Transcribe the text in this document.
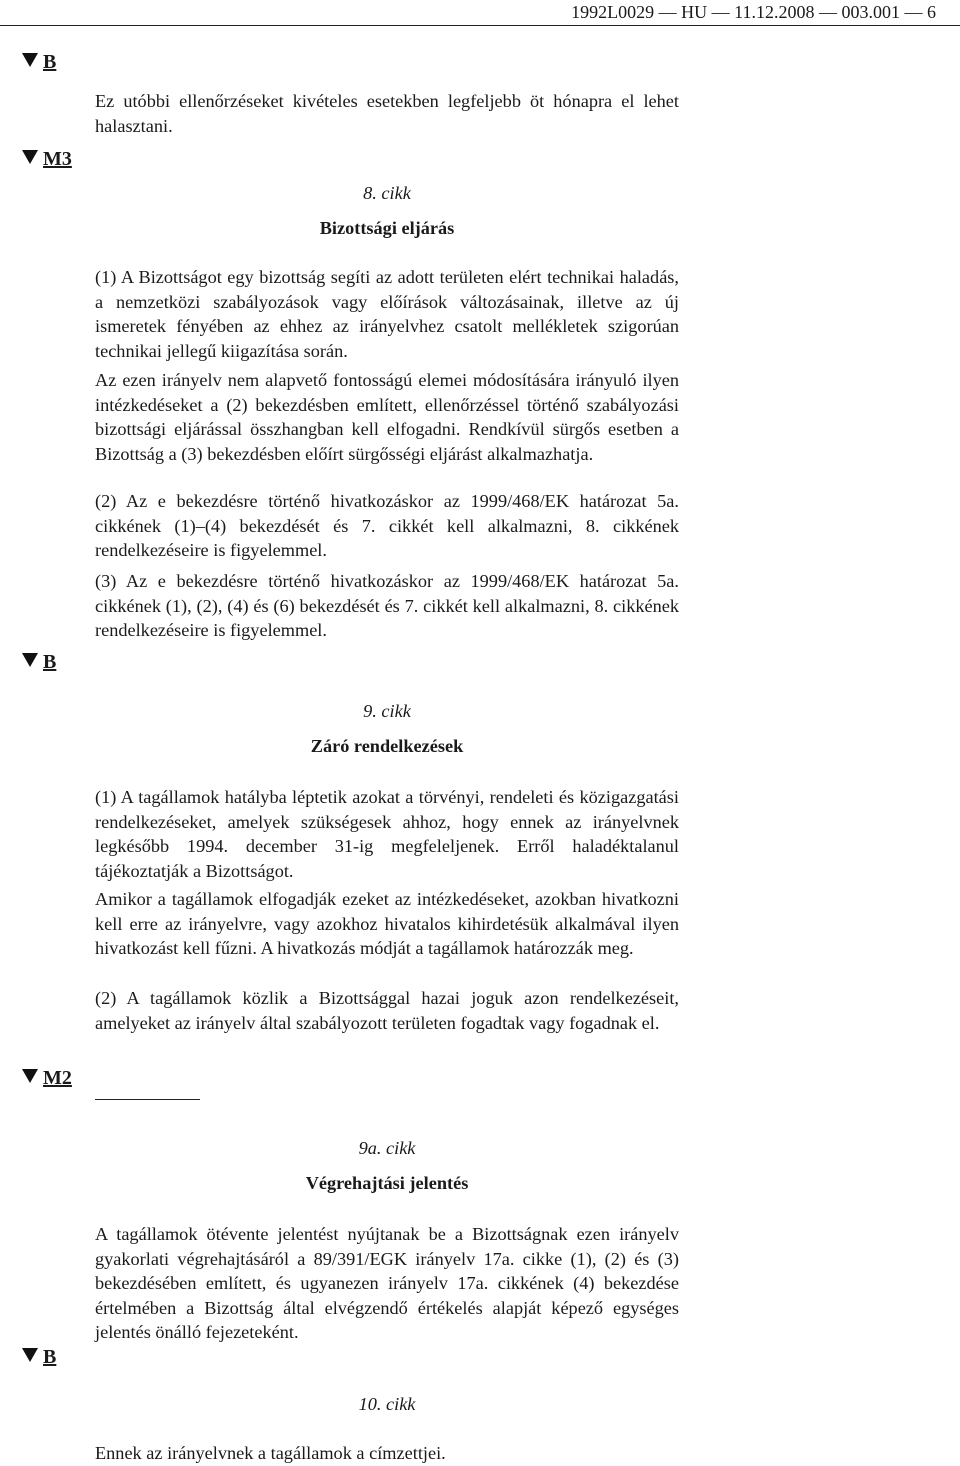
1992L0029 — HU — 11.12.2008 — 003.001 — 6
B
M3
B
M2
B

Ez utóbbi ellenőrzéseket kivételes esetekben legfeljebb öt hónapra el lehet halasztani.

8. cikk
Bizottsági eljárás

(1) A Bizottságot egy bizottság segíti az adott területen elért technikai haladás, a nemzetközi szabályozások vagy előírások változásainak, illetve az új ismeretek fényében az ehhez az irányelvhez csatolt mellékletek szigorúan technikai jellegű kiigazítása során.

Az ezen irányelv nem alapvető fontosságú elemei módosítására irányuló ilyen intézkedéseket a (2) bekezdésben említett, ellenőrzéssel történő szabályozási bizottsági eljárással összhangban kell elfogadni. Rendkívül sürgős esetben a Bizottság a (3) bekezdésben előírt sürgősségi eljárást alkalmazhatja.

(2) Az e bekezdésre történő hivatkozáskor az 1999/468/EK határozat 5a. cikkének (1)–(4) bekezdését és 7. cikkét kell alkalmazni, 8. cikkének rendelkezéseire is figyelemmel.

(3) Az e bekezdésre történő hivatkozáskor az 1999/468/EK határozat 5a. cikkének (1), (2), (4) és (6) bekezdését és 7. cikkét kell alkalmazni, 8. cikkének rendelkezéseire is figyelemmel.

9. cikk
Záró rendelkezések

(1) A tagállamok hatályba léptetik azokat a törvényi, rendeleti és közigazgatási rendelkezéseket, amelyek szükségesek ahhoz, hogy ennek az irányelvnek legkésőbb 1994. december 31-ig megfeleljenek. Erről haladéktalanul tájékoztatják a Bizottságot.

Amikor a tagállamok elfogadják ezeket az intézkedéseket, azokban hivatkozni kell erre az irányelvre, vagy azokhoz hivatalos kihirdetésük alkalmával ilyen hivatkozást kell fűzni. A hivatkozás módját a tagállamok határozzák meg.

(2) A tagállamok közlik a Bizottsággal hazai joguk azon rendelkezéseit, amelyeket az irányelv által szabályozott területen fogadtak vagy fogadnak el.

9a. cikk
Végrehajtási jelentés

A tagállamok ötévente jelentést nyújtanak be a Bizottságnak ezen irányelv gyakorlati végrehajtásáról a 89/391/EGK irányelv 17a. cikke (1), (2) és (3) bekezdésében említett, és ugyanezen irányelv 17a. cikkének (4) bekezdése értelmében a Bizottság által elvégzendő értékelés alapját képező egységes jelentés önálló fejezeteként.

10. cikk

Ennek az irányelvnek a tagállamok a címzettjei.
